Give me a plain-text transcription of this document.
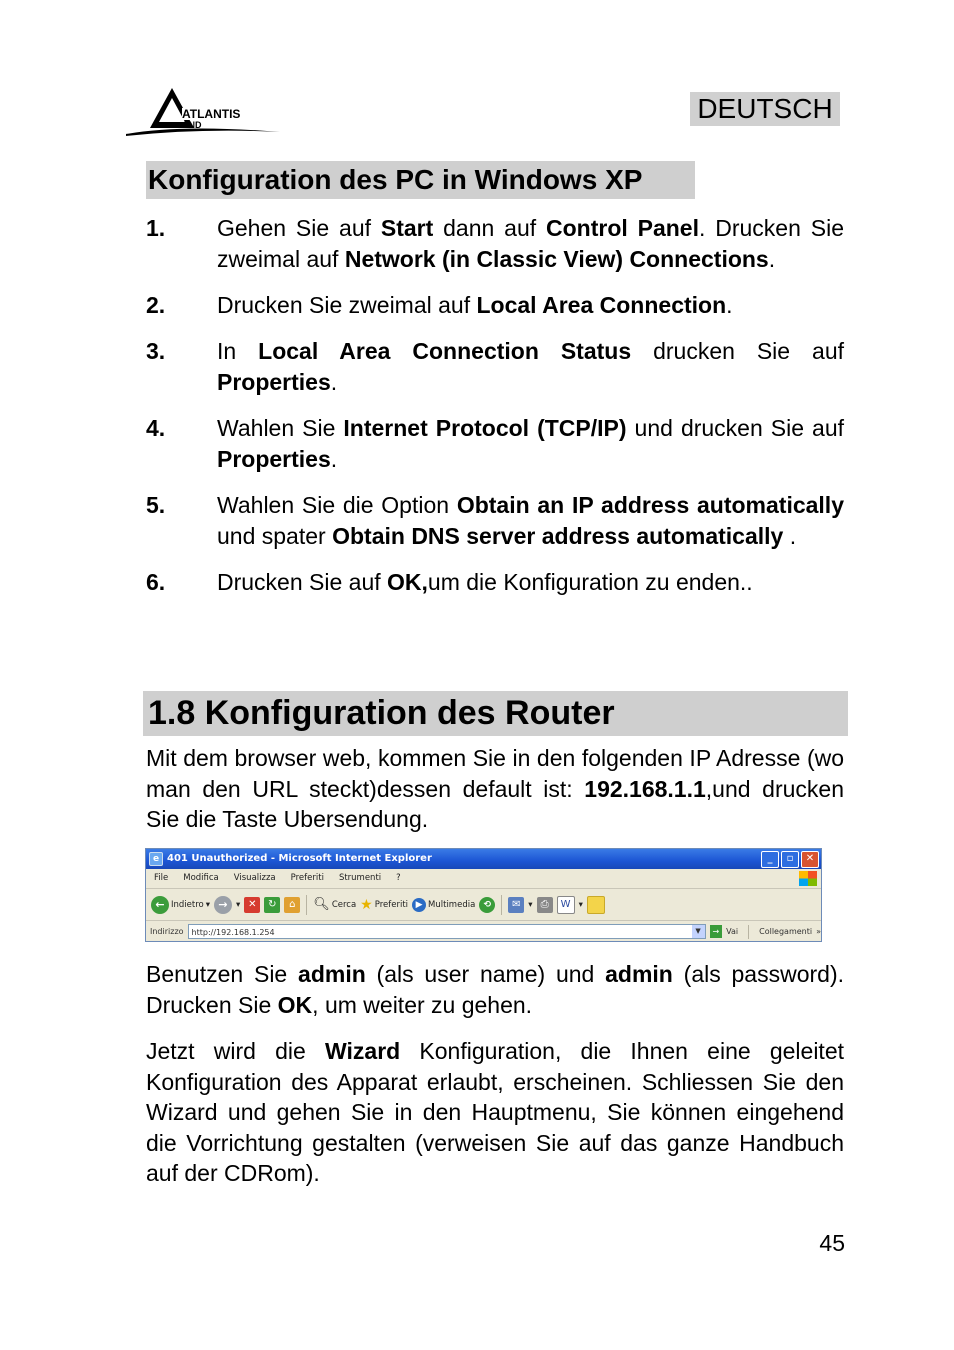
ATLANTIS
AND
DEUTSCH
Konfiguration des PC in Windows XP
1.	Gehen Sie auf Start dann auf Control Panel. Drucken Sie zweimal auf Network (in Classic View) Connections.
2.	Drucken Sie zweimal auf Local Area Connection.
3.	In Local Area Connection Status drucken Sie auf Properties.
4.	Wahlen Sie Internet Protocol (TCP/IP) und drucken Sie auf Properties.
5.	Wahlen Sie die Option Obtain an IP address automatically und spater Obtain DNS server address automatically .
6.	Drucken Sie auf OK,um die Konfiguration zu enden..
1.8 Konfiguration des Router
Mit dem browser web, kommen Sie in den folgenden IP Adresse (wo man den URL steckt)dessen default ist: 192.168.1.1,und drucken Sie die Taste Ubersendung.
e 401 Unauthorized - Microsoft Internet Explorer	_	▫	✕
File Modifica Visualizza Preferiti Strumenti ?
← Indietro ▾ → ▾ ✕	↻	⌂	🔍︎ Cerca ★ Preferiti ▶ Multimedia ⟲	✉ ▾ ⎙	W ▾
Indirizzo	http://192.168.1.254	▼	→ Vai	Collegamenti »
Benutzen Sie admin (als user name) und admin (als password). Drucken Sie OK, um weiter zu gehen.
Jetzt wird die Wizard Konfiguration, die Ihnen eine geleitet Konfiguration des Apparat erlaubt, erscheinen. Schliessen Sie den Wizard und gehen Sie in den Hauptmenu, Sie können eingehend die Vorrichtung gestalten (verweisen Sie auf das ganze Handbuch auf der CDRom).
45
